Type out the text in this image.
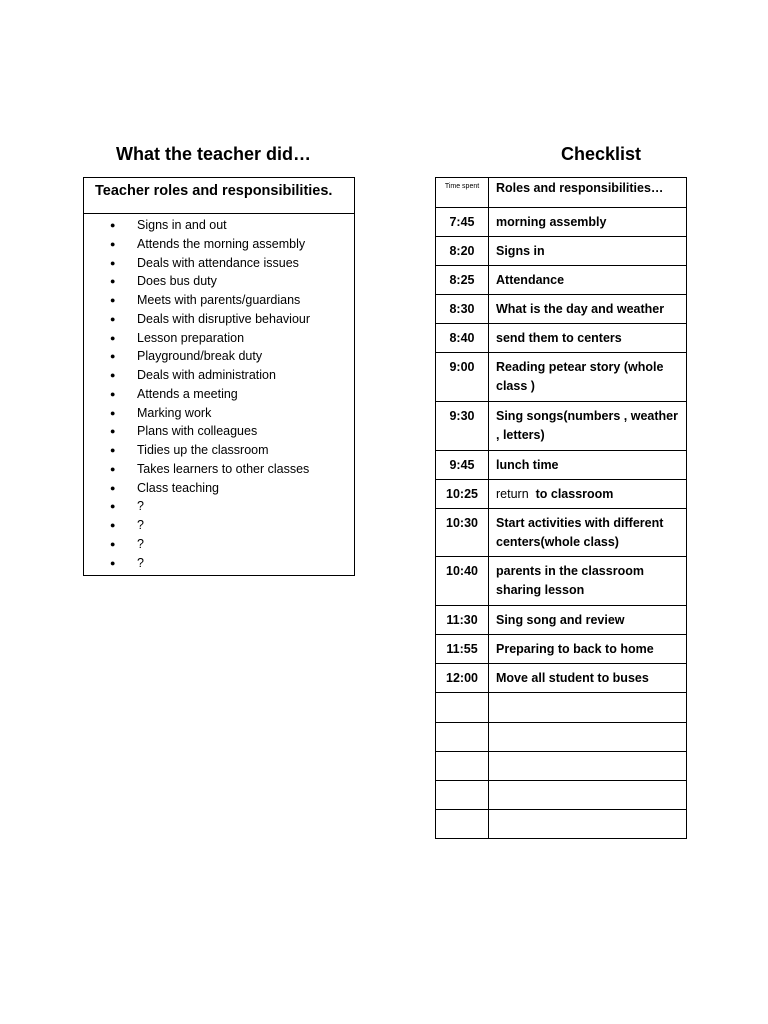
What the teacher did…	Checklist
Teacher roles and responsibilities.
● Signs in and out
● Attends the morning assembly
● Deals with attendance issues
● Does bus duty
● Meets with parents/guardians
● Deals with disruptive behaviour
● Lesson preparation
● Playground/break duty
● Deals with administration
● Attends a meeting
● Marking work
● Plans with colleagues
● Tidies up the classroom
● Takes learners to other classes
● Class teaching
● ?
● ?
● ?
● ?
Time spent	Roles and responsibilities…
7:45	morning assembly
8:20	Signs in
8:25	Attendance
8:30	What is the day and weather
8:40	send them to centers
9:00	Reading petear story (whole class )
9:30	Sing songs(numbers , weather , letters)
9:45	lunch time
10:25	return  to classroom
10:30	Start activities with different centers(whole class)
10:40	parents in the classroom sharing lesson
11:30	Sing song and review
11:55	Preparing to back to home
12:00	Move all student to buses
